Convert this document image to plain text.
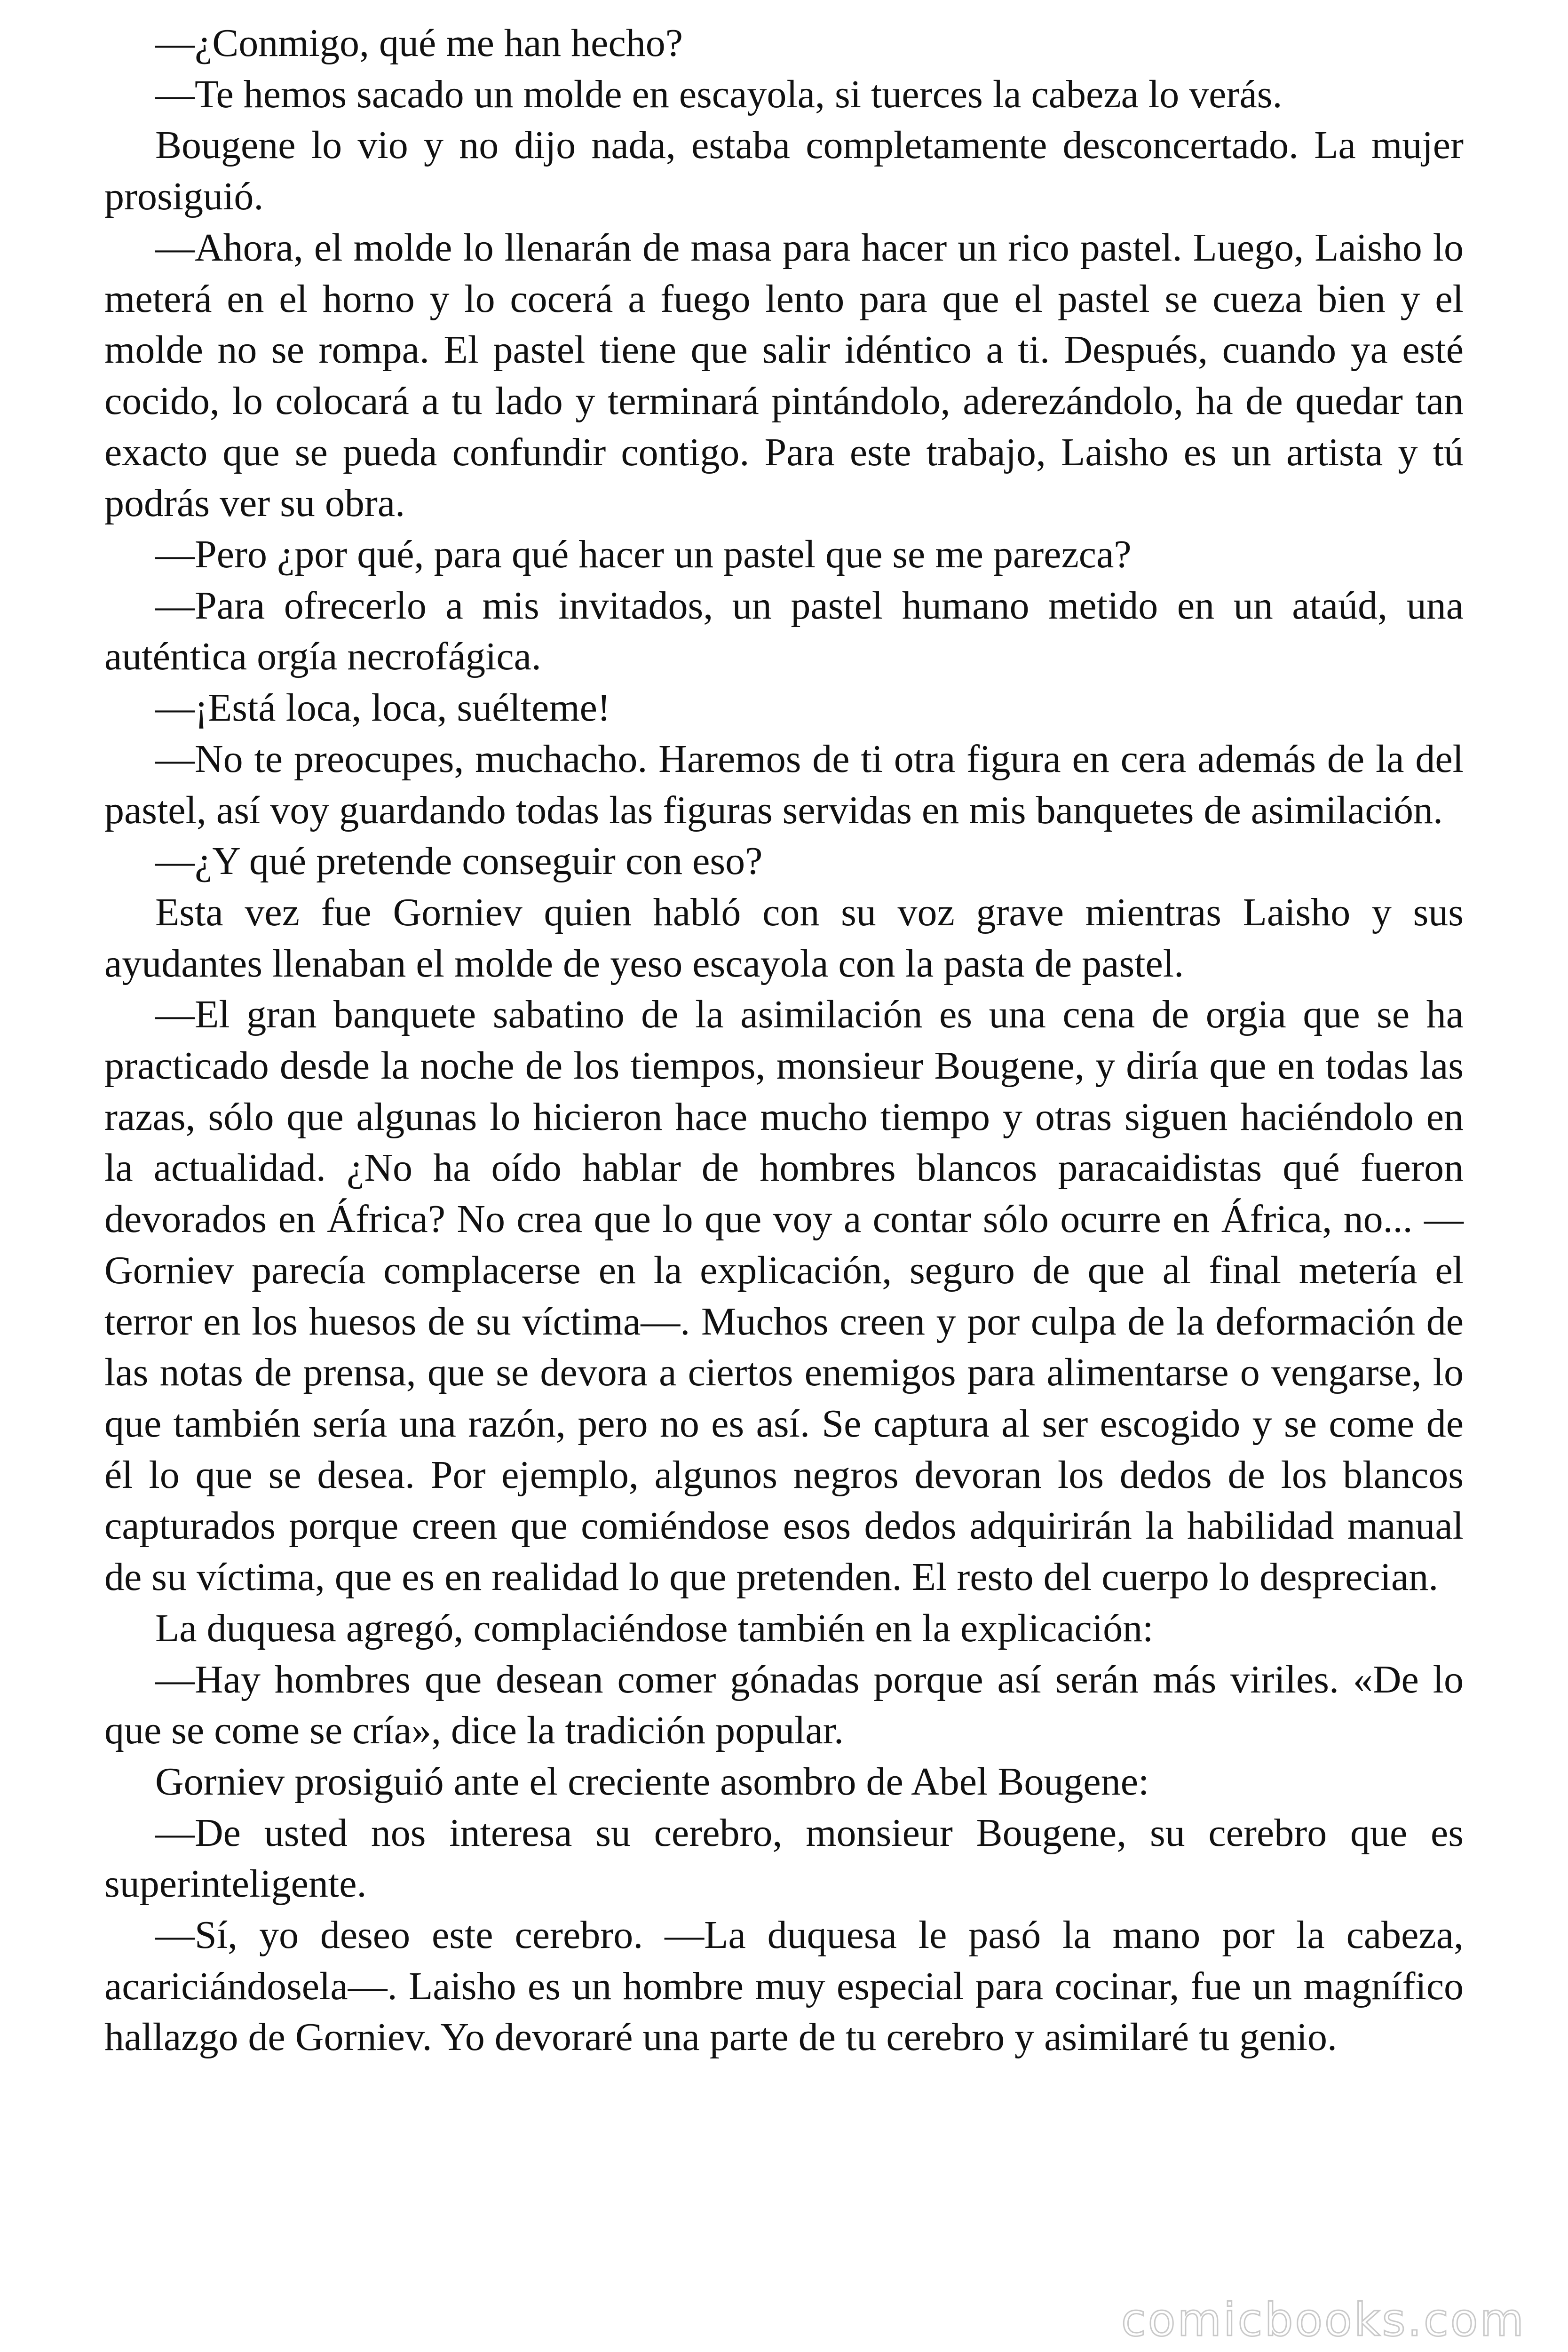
—¿Conmigo, qué me han hecho?

—Te hemos sacado un molde en escayola, si tuerces la cabeza lo verás.

Bougene lo vio y no dijo nada, estaba completamente desconcertado. La mujer prosiguió.

—Ahora, el molde lo llenarán de masa para hacer un rico pastel. Luego, Laisho lo meterá en el horno y lo cocerá a fuego lento para que el pastel se cueza bien y el molde no se rompa. El pastel tiene que salir idéntico a ti. Después, cuando ya esté cocido, lo colocará a tu lado y terminará pintándolo, aderezándolo, ha de quedar tan exacto que se pueda confundir contigo. Para este trabajo, Laisho es un artista y tú podrás ver su obra.

—Pero ¿por qué, para qué hacer un pastel que se me parezca?

—Para ofrecerlo a mis invitados, un pastel humano metido en un ataúd, una auténtica orgía necrofágica.

—¡Está loca, loca, suélteme!

—No te preocupes, muchacho. Haremos de ti otra figura en cera además de la del pastel, así voy guardando todas las figuras servidas en mis banquetes de asimilación.

—¿Y qué pretende conseguir con eso?

Esta vez fue Gorniev quien habló con su voz grave mientras Laisho y sus ayudantes llenaban el molde de yeso escayola con la pasta de pastel.

—El gran banquete sabatino de la asimilación es una cena de orgia que se ha practicado desde la noche de los tiempos, monsieur Bougene, y diría que en todas las razas, sólo que algunas lo hicieron hace mucho tiempo y otras siguen haciéndolo en la actualidad. ¿No ha oído hablar de hombres blancos paracaidistas qué fueron devorados en África? No crea que lo que voy a contar sólo ocurre en África, no... —Gorniev parecía complacerse en la explicación, seguro de que al final metería el terror en los huesos de su víctima—. Muchos creen y por culpa de la deformación de las notas de prensa, que se devora a ciertos enemigos para alimentarse o vengarse, lo que también sería una razón, pero no es así. Se captura al ser escogido y se come de él lo que se desea. Por ejemplo, algunos negros devoran los dedos de los blancos capturados porque creen que comiéndose esos dedos adquirirán la habilidad manual de su víctima, que es en realidad lo que pretenden. El resto del cuerpo lo desprecian.

La duquesa agregó, complaciéndose también en la explicación:

—Hay hombres que desean comer gónadas porque así serán más viriles. «De lo que se come se cría», dice la tradición popular.

Gorniev prosiguió ante el creciente asombro de Abel Bougene:

—De usted nos interesa su cerebro, monsieur Bougene, su cerebro que es superinteligente.

—Sí, yo deseo este cerebro. —La duquesa le pasó la mano por la cabeza, acariciándosela—. Laisho es un hombre muy especial para cocinar, fue un magnífico hallazgo de Gorniev. Yo devoraré una parte de tu cerebro y asimilaré tu genio.

comicbooks.com
